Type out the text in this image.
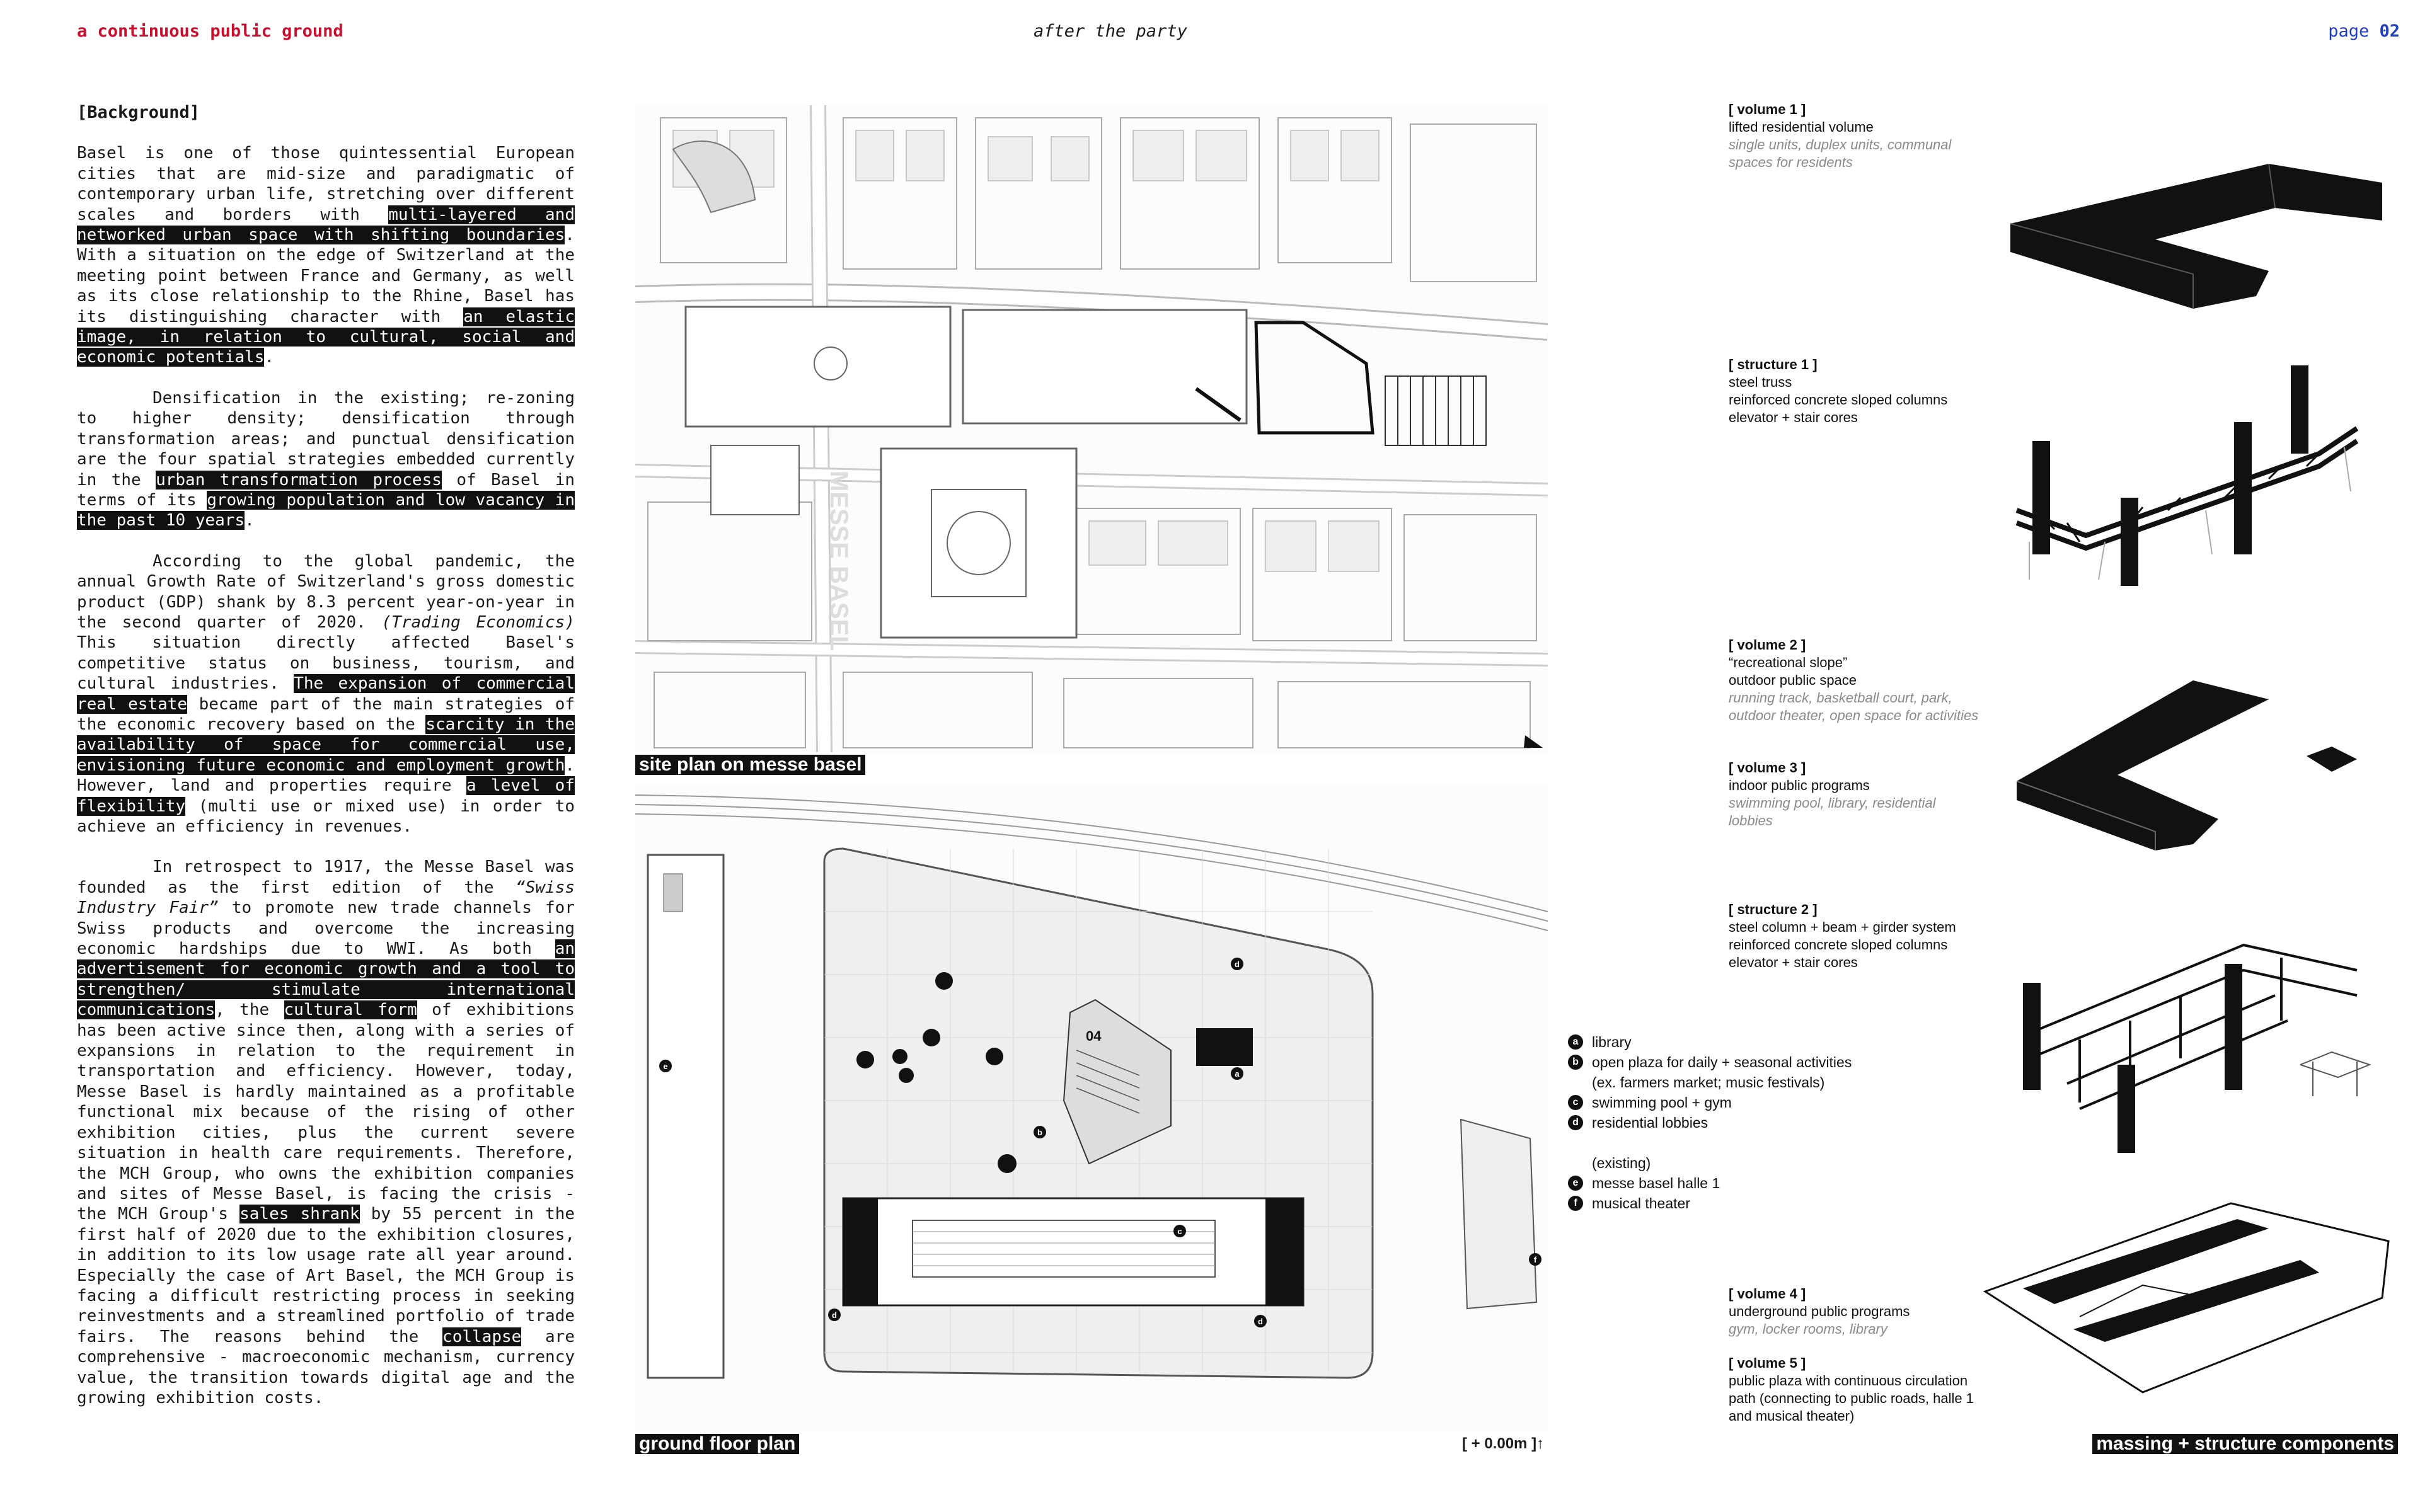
a continuous public ground	after the party	page 02
[Background]

Basel is one of those quintessential European cities that are mid-size and paradigmatic of contemporary urban life, stretching over different scales and borders with multi-layered and networked urban space with shifting boundaries. With a situation on the edge of Switzerland at the meeting point between France and Germany, as well as its close relationship to the Rhine, Basel has its distinguishing character with an elastic image, in relation to cultural, social and economic potentials.

Densification in the existing; re-zoning to higher density; densification through transformation areas; and punctual densification are the four spatial strategies embedded currently in the urban transformation process of Basel in terms of its growing population and low vacancy in the past 10 years.

According to the global pandemic, the annual Growth Rate of Switzerland's gross domestic product (GDP) shank by 8.3 percent year-on-year in the second quarter of 2020. (Trading Economics) This situation directly affected Basel's competitive status on business, tourism, and cultural industries. The expansion of commercial real estate became part of the main strategies of the economic recovery based on the scarcity in the availability of space for commercial use, envisioning future economic and employment growth. However, land and properties require a level of flexibility (multi use or mixed use) in order to achieve an efficiency in revenues.

In retrospect to 1917, the Messe Basel was founded as the first edition of the “Swiss Industry Fair” to promote new trade channels for Swiss products and overcome the increasing economic hardships due to WWI. As both an advertisement for economic growth and a tool to strengthen/ stimulate international communications, the cultural form of exhibitions has been active since then, along with a series of expansions in relation to the requirement in transportation and efficiency. However, today, Messe Basel is hardly maintained as a profitable functional mix because of the rising of other exhibition cities, plus the current severe situation in health care requirements. Therefore, the MCH Group, who owns the exhibition companies and sites of Messe Basel, is facing the crisis - the MCH Group's sales shrank by 55 percent in the first half of 2020 due to the exhibition closures, in addition to its low usage rate all year around. Especially the case of Art Basel, the MCH Group is facing a difficult restricting process in seeking reinvestments and a streamlined portfolio of trade fairs. The reasons behind the collapse are comprehensive - macroeconomic mechanism, currency value, the transition towards digital age and the growing exhibition costs.

MESSE BASEL
site plan on messe basel
04
b
d
a
c
d
d
e
f
ground floor plan	[ + 0.00m ]↑
a library
b open plaza for daily + seasonal activities
(ex. farmers market; music festivals)
c swimming pool + gym
d residential lobbies

(existing)
e messe basel halle 1
f	musical theater
[ volume 1 ]
lifted residential volume
single units, duplex units, communal spaces for residents
[ structure 1 ]
steel truss
reinforced concrete sloped columns
elevator + stair cores
[ volume 2 ]
“recreational slope”
outdoor public space
running track, basketball court, park, outdoor theater, open space for activities
[ volume 3 ]
indoor public programs
swimming pool, library, residential lobbies
[ structure 2 ]
steel column + beam + girder system
reinforced concrete sloped columns
elevator + stair cores
[ volume 4 ]
underground public programs
gym, locker rooms, library
[ volume 5 ]
public plaza with continuous circulation path (connecting to public roads, halle 1 and musical theater)
massing + structure components
